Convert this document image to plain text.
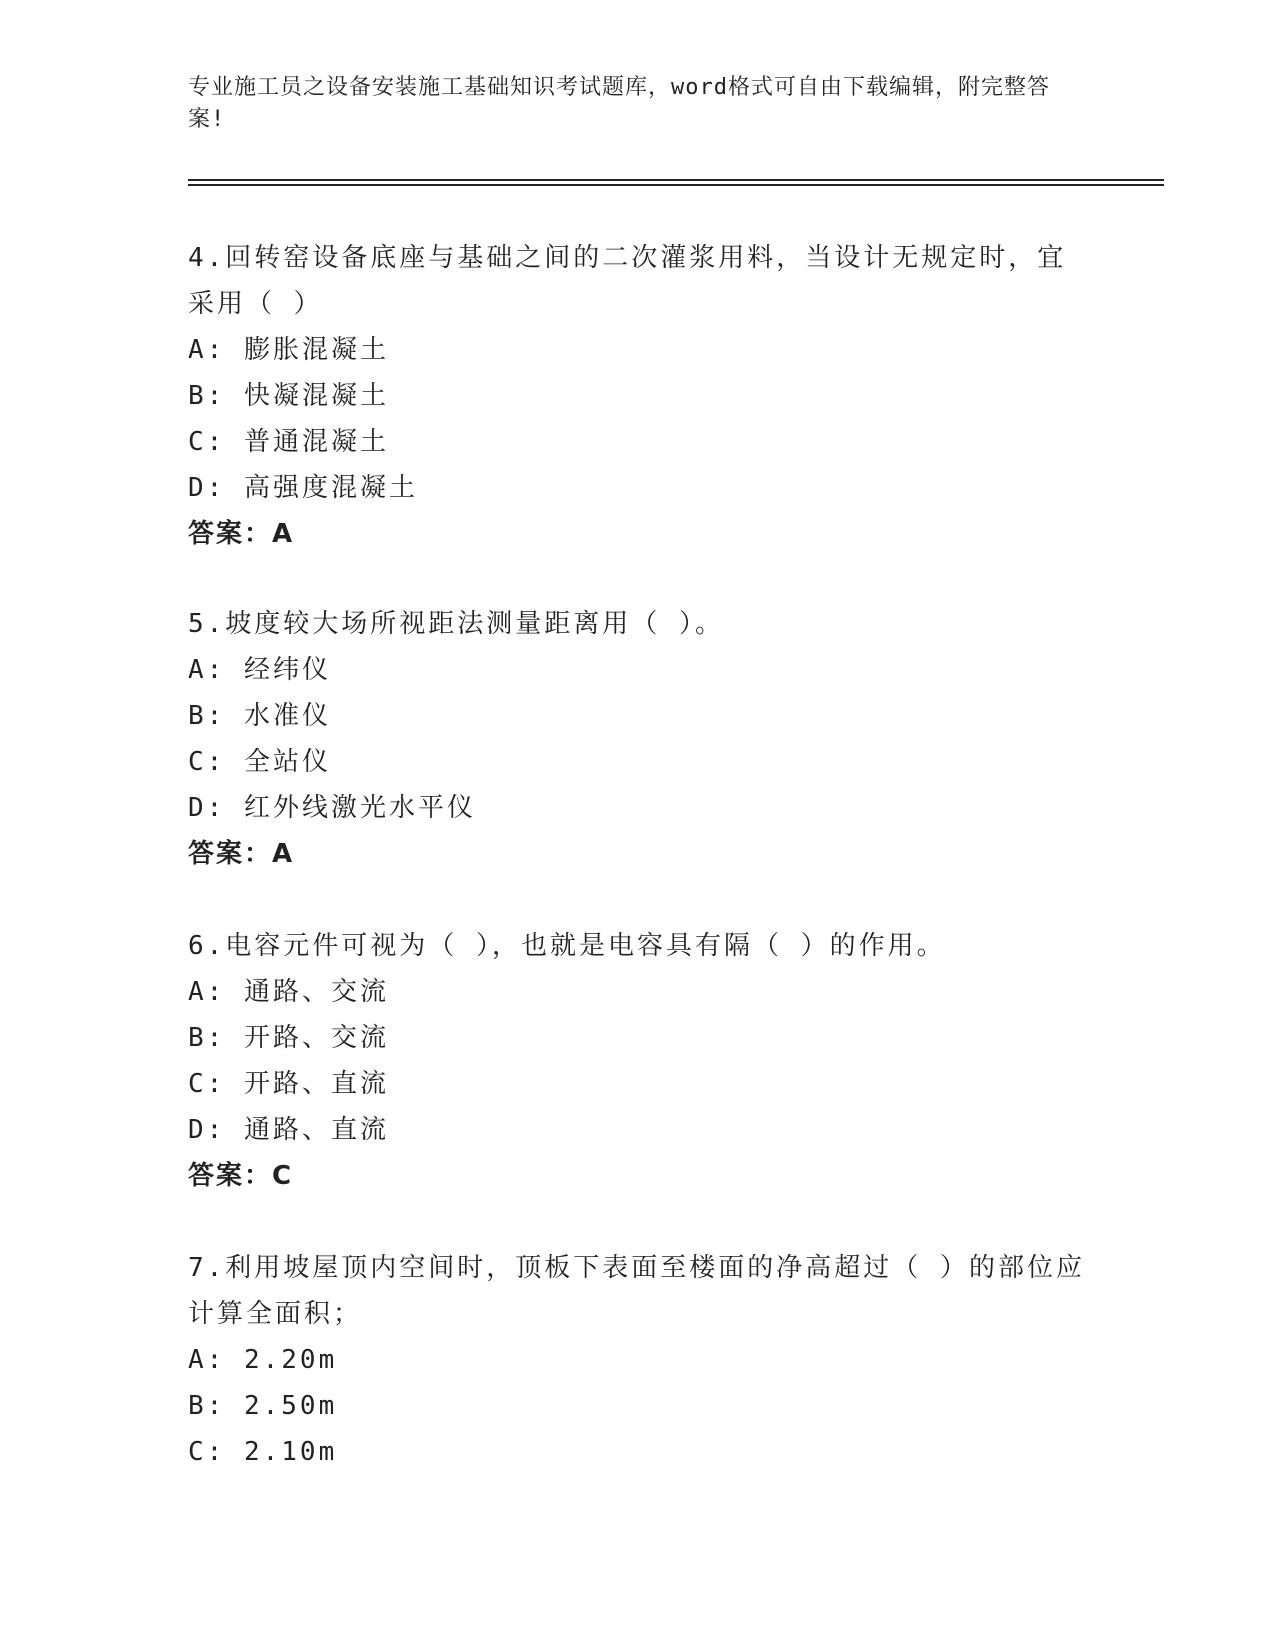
专业施工员之设备安装施工基础知识考试题库，word格式可自由下载编辑，附完整答案!

4.回转窑设备底座与基础之间的二次灌浆用料，当设计无规定时，宜采用（ ）

A: 膨胀混凝土

B: 快凝混凝土

C: 普通混凝土

D: 高强度混凝土

答案：A

5.坡度较大场所视距法测量距离用（ ）。

A: 经纬仪

B: 水准仪

C: 全站仪

D: 红外线激光水平仪

答案：A

6.电容元件可视为（ ），也就是电容具有隔（ ）的作用。

A: 通路、交流

B: 开路、交流

C: 开路、直流

D: 通路、直流

答案：C

7.利用坡屋顶内空间时，顶板下表面至楼面的净高超过（ ）的部位应计算全面积；

A: 2.20m

B: 2.50m

C: 2.10m
